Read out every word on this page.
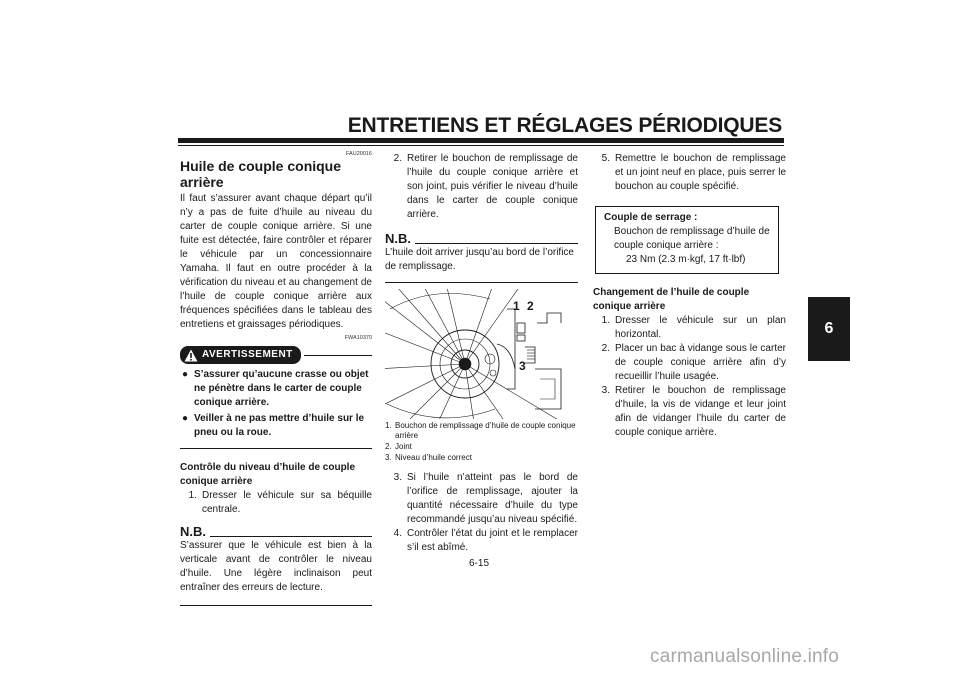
ENTRETIENS ET RÉGLAGES PÉRIODIQUES
6
FAU20016
Huile de couple conique arrière
Il faut s’assurer avant chaque départ qu’il n’y a pas de fuite d’huile au niveau du carter de couple conique arrière. Si une fuite est détectée, faire contrôler et réparer le véhicule par un concessionnaire Yamaha. Il faut en outre procéder à la vérification du niveau et au changement de l’huile de couple conique arrière aux fréquences spécifiées dans le tableau des entretiens et graissages périodiques.
FWA10370
AVERTISSEMENT
● S’assurer qu’aucune crasse ou objet ne pénètre dans le carter de couple conique arrière.
● Veiller à ne pas mettre d’huile sur le pneu ou la roue.
Contrôle du niveau d’huile de couple conique arrière
1. Dresser le véhicule sur sa béquille centrale.
N.B.
S’assurer que le véhicule est bien à la verticale avant de contrôler le niveau d’huile. Une légère inclinaison peut entraîner des erreurs de lecture.
2. Retirer le bouchon de remplissage de l’huile du couple conique arrière et son joint, puis vérifier le niveau d’huile dans le carter de couple conique arrière.
N.B.
L’huile doit arriver jusqu’au bord de l’orifice de remplissage.
1 2
3
1. Bouchon de remplissage d’huile de couple conique arrière
2. Joint
3. Niveau d’huile correct
3. Si l’huile n’atteint pas le bord de l’orifice de remplissage, ajouter la quantité nécessaire d’huile du type recommandé jusqu’au niveau spécifié.
4. Contrôler l’état du joint et le remplacer s’il est abîmé.
5. Remettre le bouchon de remplissage et un joint neuf en place, puis serrer le bouchon au couple spécifié.
Couple de serrage :
Bouchon de remplissage d’huile de couple conique arrière :
23 Nm (2.3 m·kgf, 17 ft·lbf)
Changement de l’huile de couple conique arrière
1. Dresser le véhicule sur un plan horizontal.
2. Placer un bac à vidange sous le carter de couple conique arrière afin d’y recueillir l’huile usagée.
3. Retirer le bouchon de remplissage d’huile, la vis de vidange et leur joint afin de vidanger l’huile du carter de couple conique arrière.
6-15
carmanualsonline.info
